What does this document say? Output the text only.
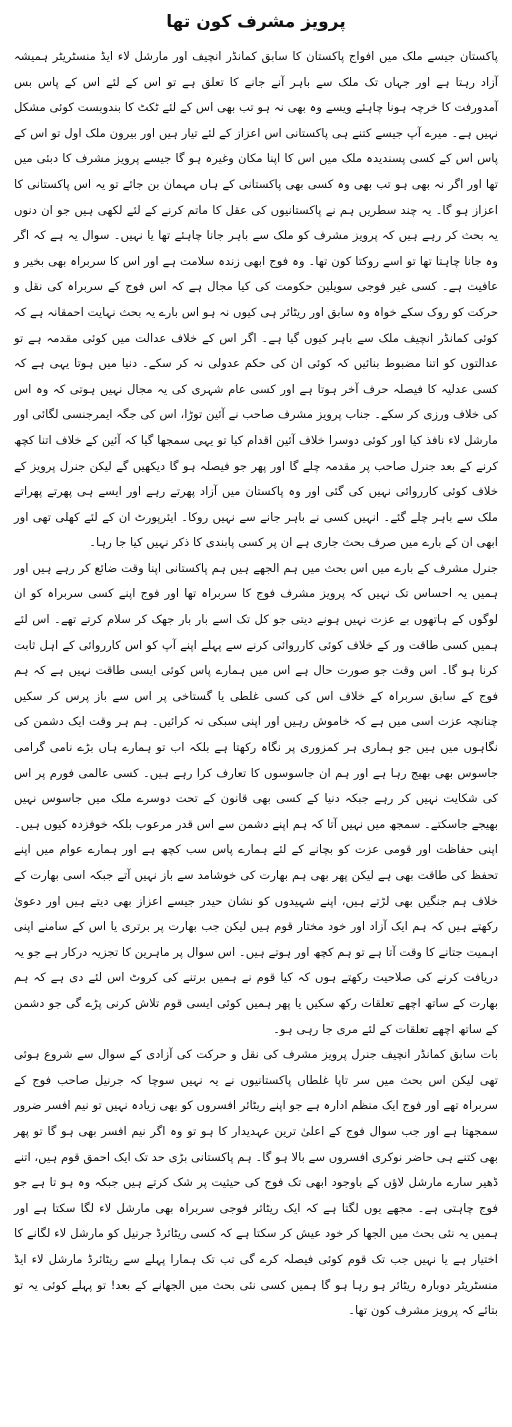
پرویز مشرف کون تھا

پاکستان جیسے ملک میں افواج پاکستان کا سابق کمانڈر انچیف اور مارشل لاء ایڈ منسٹریٹر ہمیشہ آزاد رہتا ہے اور جہاں تک ملک سے باہر آنے جانے کا تعلق ہے تو اس کے لئے اس کے پاس بس آمدورفت کا خرچہ ہونا چاہئے ویسے وہ بھی نہ ہو تب بھی اس کے لئے ٹکٹ کا بندوبست کوئی مشکل نہیں ہے۔ میرے آپ جیسے کتنے ہی پاکستانی اس اعزاز کے لئے تیار ہیں اور بیرون ملک اول تو اس کے پاس اس کے کسی پسندیدہ ملک میں اس کا اپنا مکان وغیرہ ہو گا جیسے پرویز مشرف کا دبئی میں تھا اور اگر نہ بھی ہو تب بھی وہ کسی بھی پاکستانی کے ہاں مہمان بن جائے تو یہ اس پاکستانی کا اعزاز ہو گا۔ یہ چند سطریں ہم نے پاکستانیوں کی عقل کا ماتم کرنے کے لئے لکھی ہیں جو ان دنوں یہ بحث کر رہے ہیں کہ پرویز مشرف کو ملک سے باہر جانا چاہئے تھا یا نہیں۔ سوال یہ ہے کہ اگر وہ جانا چاہتا تھا تو اسے روکتا کون تھا۔ وہ فوج ابھی زندہ سلامت ہے اور اس کا سربراہ بھی بخیر و عافیت ہے۔ کسی غیر فوجی سویلین حکومت کی کیا مجال ہے کہ اس فوج کے سربراہ کی نقل و حرکت کو روک سکے خواہ وہ سابق اور ریٹائر ہی کیوں نہ ہو اس بارے یہ بحث نہایت احمقانہ ہے کہ کوئی کمانڈر انچیف ملک سے باہر کیوں گیا ہے۔ اگر اس کے خلاف عدالت میں کوئی مقدمہ ہے تو عدالتوں کو اتنا مضبوط بنائیں کہ کوئی ان کی حکم عدولی نہ کر سکے۔ دنیا میں ہوتا یہی ہے کہ کسی عدلیہ کا فیصلہ حرف آخر ہوتا ہے اور کسی عام شہری کی یہ مجال نہیں ہوتی کہ وہ اس کی خلاف ورزی کر سکے۔ جناب پرویز مشرف صاحب نے آئین توڑا، اس کی جگہ ایمرجنسی لگائی اور مارشل لاء نافذ کیا اور کوئی دوسرا خلاف آئین اقدام کیا تو یہی سمجھا گیا کہ آئین کے خلاف اتنا کچھ کرنے کے بعد جنرل صاحب پر مقدمہ چلے گا اور پھر جو فیصلہ ہو گا دیکھیں گے لیکن جنرل پرویز کے خلاف کوئی کارروائی نہیں کی گئی اور وہ پاکستان میں آزاد پھرتے رہے اور ایسے ہی پھرتے پھراتے ملک سے باہر چلے گئے۔ انہیں کسی نے باہر جانے سے نہیں روکا۔ ایئرپورٹ ان کے لئے کھلی تھی اور ابھی ان کے بارے میں صرف بحث جاری ہے ان پر کسی پابندی کا ذکر نہیں کیا جا رہا۔

جنرل مشرف کے بارے میں اس بحث میں ہم الجھے ہیں ہم پاکستانی اپنا وقت ضائع کر رہے ہیں اور ہمیں یہ احساس تک نہیں کہ پرویز مشرف فوج کا سربراہ تھا اور فوج اپنے کسی سربراہ کو ان لوگوں کے ہاتھوں بے عزت نہیں ہونے دیتی جو کل تک اسے بار بار جھک کر سلام کرتے تھے۔ اس لئے ہمیں کسی طاقت ور کے خلاف کوئی کارروائی کرنے سے پہلے اپنے آپ کو اس کارروائی کے اہل ثابت کرنا ہو گا۔ اس وقت جو صورت حال ہے اس میں ہمارے پاس کوئی ایسی طاقت نہیں ہے کہ ہم فوج کے سابق سربراہ کے خلاف اس کی کسی غلطی یا گستاخی پر اس سے باز پرس کر سکیں چنانچہ عزت اسی میں ہے کہ خاموش رہیں اور اپنی سبکی نہ کرائیں۔ ہم ہر وقت ایک دشمن کی نگاہوں میں ہیں جو ہماری ہر کمزوری پر نگاہ رکھتا ہے بلکہ اب تو ہمارے ہاں بڑے نامی گرامی جاسوس بھی بھیج رہا ہے اور ہم ان جاسوسوں کا تعارف کرا رہے ہیں۔ کسی عالمی فورم پر اس کی شکایت نہیں کر رہے جبکہ دنیا کے کسی بھی قانون کے تحت دوسرے ملک میں جاسوس نہیں بھیجے جاسکتے۔ سمجھ میں نہیں آتا کہ ہم اپنے دشمن سے اس قدر مرعوب بلکہ خوفزدہ کیوں ہیں۔ اپنی حفاظت اور قومی عزت کو بچانے کے لئے ہمارے پاس سب کچھ ہے اور ہمارے عوام میں اپنے تحفظ کی طاقت بھی ہے لیکن پھر بھی ہم بھارت کی خوشامد سے باز نہیں آتے جبکہ اسی بھارت کے خلاف ہم جنگیں بھی لڑتے ہیں، اپنے شہیدوں کو نشان حیدر جیسے اعزاز بھی دیتے ہیں اور دعویٰ رکھتے ہیں کہ ہم ایک آزاد اور خود مختار قوم ہیں لیکن جب بھارت پر برتری یا اس کے سامنے اپنی اہمیت جتانے کا وقت آتا ہے تو ہم کچھ اور ہوتے ہیں۔ اس سوال پر ماہرین کا تجزیہ درکار ہے جو یہ دریافت کرنے کی صلاحیت رکھتے ہوں کہ کیا قوم نے ہمیں برتنے کی کروٹ اس لئے دی ہے کہ ہم بھارت کے ساتھ اچھے تعلقات رکھ سکیں یا پھر ہمیں کوئی ایسی قوم تلاش کرنی پڑے گی جو دشمن کے ساتھ اچھے تعلقات کے لئے مری جا رہی ہو۔

بات سابق کمانڈر انچیف جنرل پرویز مشرف کی نقل و حرکت کی آزادی کے سوال سے شروع ہوئی تھی لیکن اس بحث میں سر تاپا غلطاں پاکستانیوں نے یہ نہیں سوچا کہ جرنیل صاحب فوج کے سربراہ تھے اور فوج ایک منظم ادارہ ہے جو اپنے ریٹائر افسروں کو بھی زیادہ نہیں تو نیم افسر ضرور سمجھتا ہے اور جب سوال فوج کے اعلیٰ ترین عہدیدار کا ہو تو وہ اگر نیم افسر بھی ہو گا تو پھر بھی کتنے ہی حاضر نوکری افسروں سے بالا ہو گا۔ ہم پاکستانی بڑی حد تک ایک احمق قوم ہیں، اتنے ڈھیر سارے مارشل لاؤں کے باوجود ابھی تک فوج کی حیثیت پر شک کرتے ہیں جبکہ وہ ہو تا ہے جو فوج چاہتی ہے۔ مجھے یوں لگتا ہے کہ ایک ریٹائر فوجی سربراہ بھی مارشل لاء لگا سکتا ہے اور ہمیں یہ نئی بحث میں الجھا کر خود عیش کر سکتا ہے کہ کسی ریٹائرڈ جرنیل کو مارشل لاء لگانے کا اختیار ہے یا نہیں جب تک قوم کوئی فیصلہ کرے گی تب تک ہمارا پہلے سے ریٹائرڈ مارشل لاء ایڈ منسٹریٹر دوبارہ ریٹائر ہو رہا ہو گا ہمیں کسی نئی بحث میں الجھانے کے بعد! تو پہلے کوئی یہ تو بتائے کہ پرویز مشرف کون تھا۔
